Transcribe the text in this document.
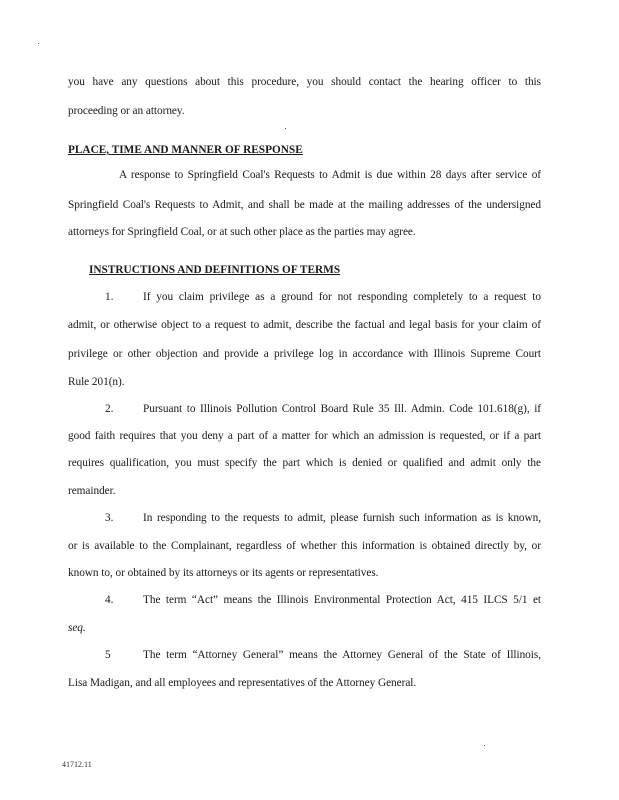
you have any questions about this procedure, you should contact the hearing officer to this
proceeding or an attorney.
PLACE, TIME AND MANNER OF RESPONSE
A response to Springfield Coal's Requests to Admit is due within 28 days after service of
Springfield Coal's Requests to Admit, and shall be made at the mailing addresses of the undersigned
attorneys for Springfield Coal, or at such other place as the parties may agree.
INSTRUCTIONS AND DEFINITIONS OF TERMS
1.	If you claim privilege as a ground for not responding completely to a request to
admit, or otherwise object to a request to admit, describe the factual and legal basis for your claim of
privilege or other objection and provide a privilege log in accordance with Illinois Supreme Court
Rule 201(n).
2.	Pursuant to Illinois Pollution Control Board Rule 35 Ill. Admin. Code 101.618(g), if
good faith requires that you deny a part of a matter for which an admission is requested, or if a part
requires qualification, you must specify the part which is denied or qualified and admit only the
remainder.
3.	In responding to the requests to admit, please furnish such information as is known,
or is available to the Complainant, regardless of whether this information is obtained directly by, or
known to, or obtained by its attorneys or its agents or representatives.
4.	The term “Act” means the Illinois Environmental Protection Act, 415 ILCS 5/1 et
seq.
5	The term “Attorney General” means the Attorney General of the State of Illinois,
Lisa Madigan, and all employees and representatives of the Attorney General.
41712.11
